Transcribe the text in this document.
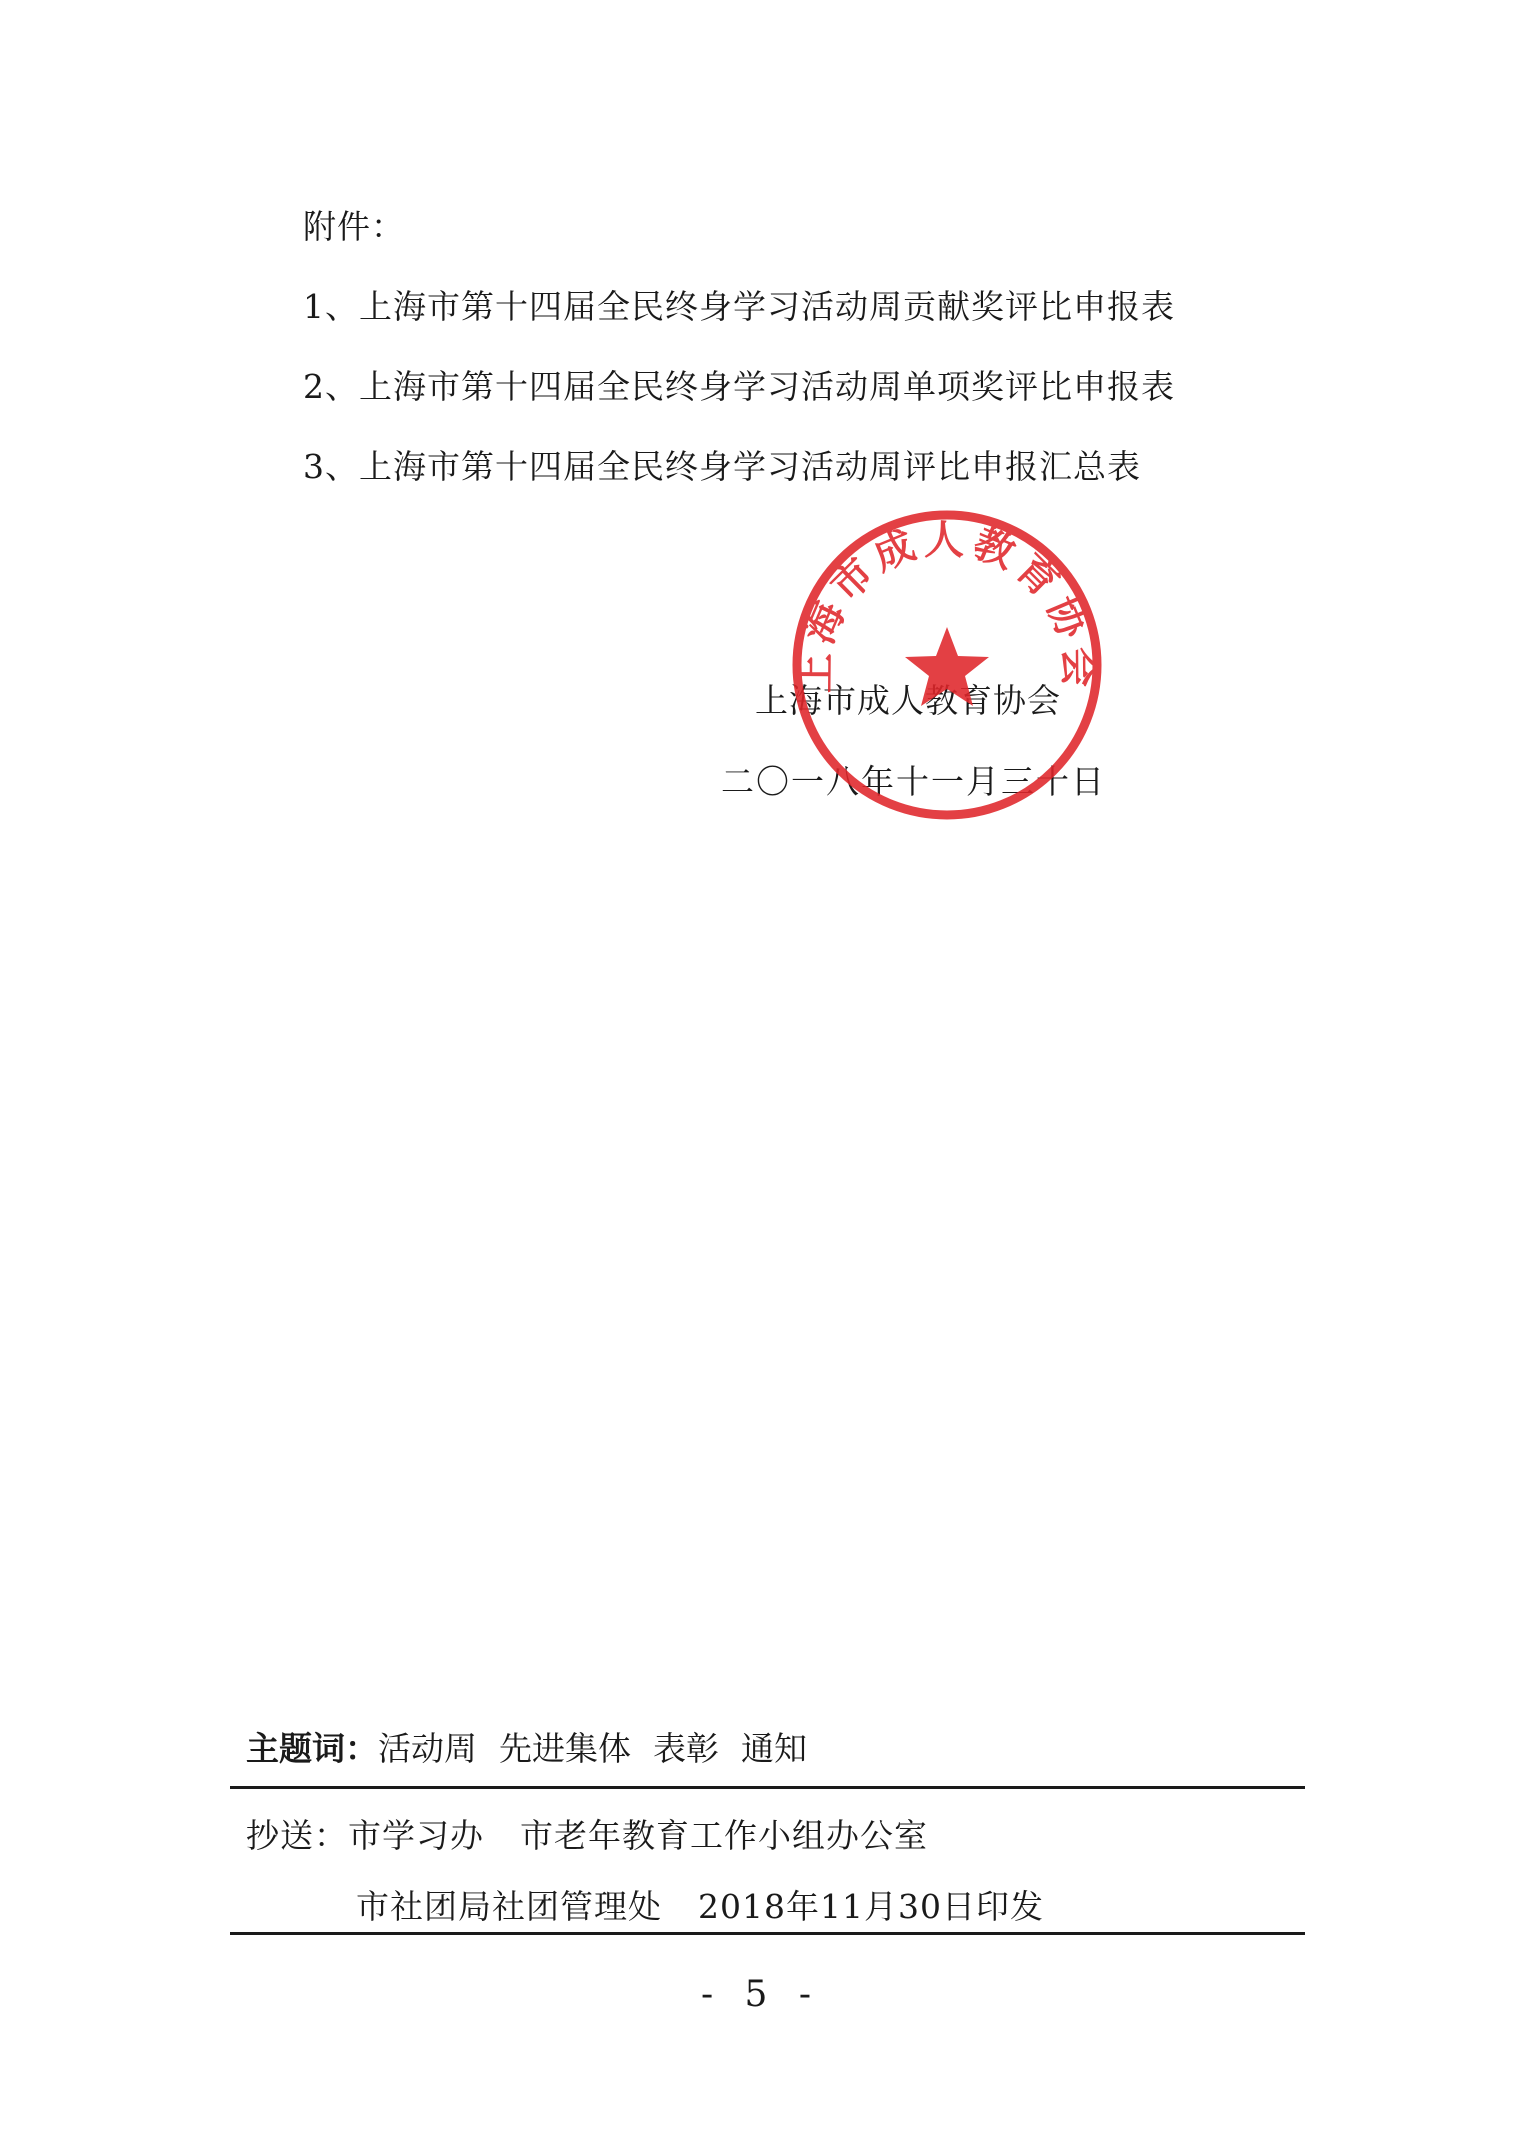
附件：
1、上海市第十四届全民终身学习活动周贡献奖评比申报表
2、上海市第十四届全民终身学习活动周单项奖评比申报表
3、上海市第十四届全民终身学习活动周评比申报汇总表
上海市成人教育协会
二〇一八年十一月三十日
上海市成人教育协会
主题词：活动周 先进集体 表彰 通知
抄送：市学习办 市老年教育工作小组办公室
市社团局社团管理处 2018年11月30日印发
- 5 -
